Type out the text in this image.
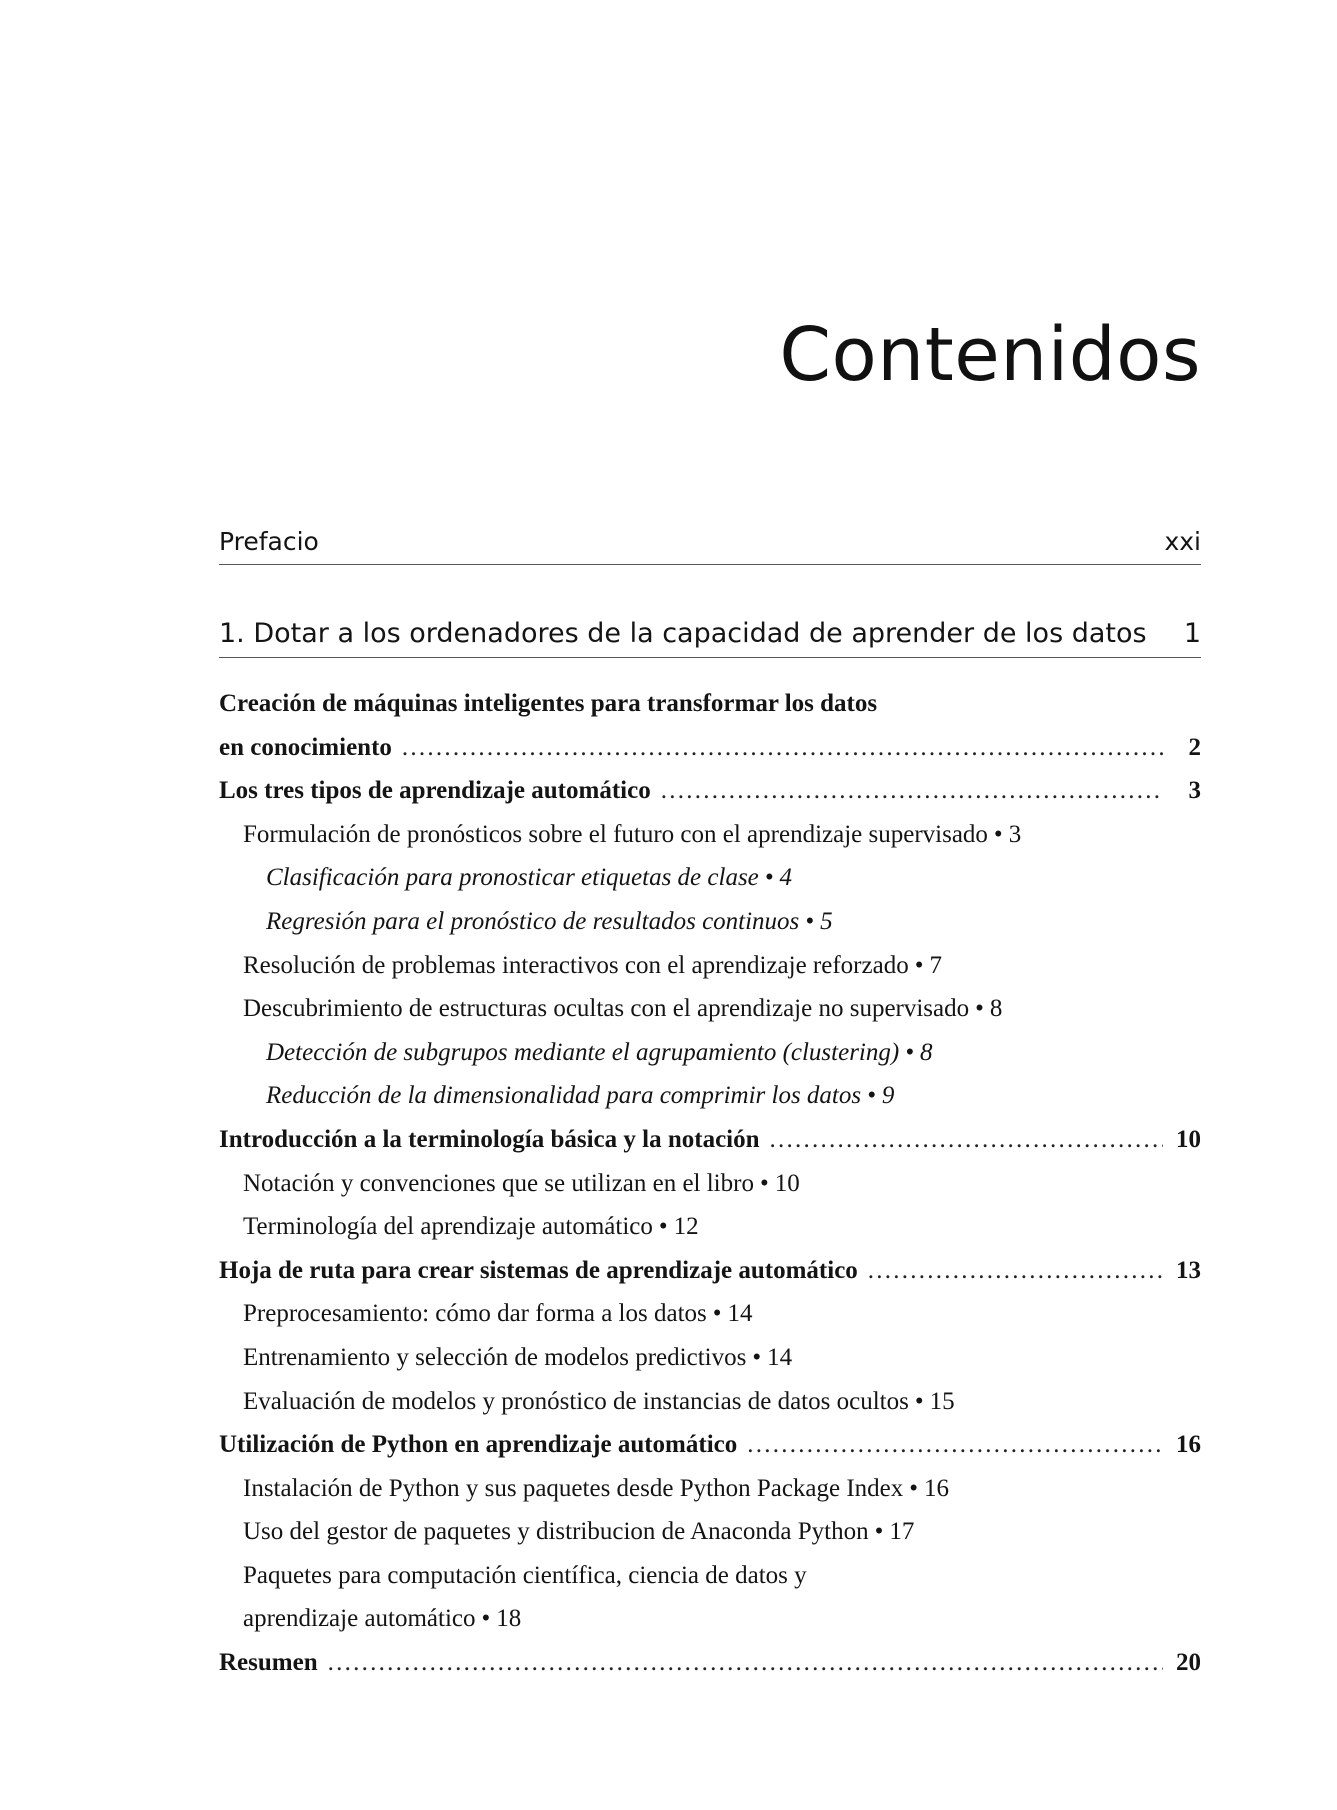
Contenidos
Prefacio	xxi
1. Dotar a los ordenadores de la capacidad de aprender de los datos 1
Creación de máquinas inteligentes para transformar los datos
en conocimiento . . .	2
Los tres tipos de aprendizaje automático . . .	3
Formulación de pronósticos sobre el futuro con el aprendizaje supervisado • 3
Clasificación para pronosticar etiquetas de clase • 4
Regresión para el pronóstico de resultados continuos • 5
Resolución de problemas interactivos con el aprendizaje reforzado • 7
Descubrimiento de estructuras ocultas con el aprendizaje no supervisado • 8
Detección de subgrupos mediante el agrupamiento (clustering) • 8
Reducción de la dimensionalidad para comprimir los datos • 9
Introducción a la terminología básica y la notación . . .	10
Notación y convenciones que se utilizan en el libro • 10
Terminología del aprendizaje automático • 12
Hoja de ruta para crear sistemas de aprendizaje automático . . .	13
Preprocesamiento: cómo dar forma a los datos • 14
Entrenamiento y selección de modelos predictivos • 14
Evaluación de modelos y pronóstico de instancias de datos ocultos • 15
Utilización de Python en aprendizaje automático . . .	16
Instalación de Python y sus paquetes desde Python Package Index • 16
Uso del gestor de paquetes y distribucion de Anaconda Python • 17
Paquetes para computación científica, ciencia de datos y
aprendizaje automático • 18
Resumen . . .	20
